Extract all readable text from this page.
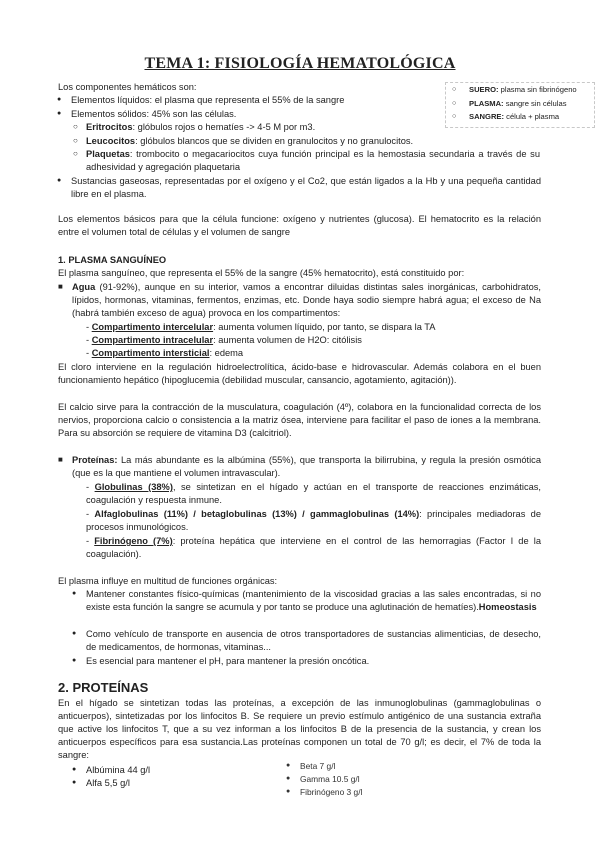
TEMA 1: FISIOLOGÍA HEMATOLÓGICA
○ SUERO: plasma sin fibrinógeno
○ PLASMA: sangre sin células
○ SANGRE: célula + plasma

Los componentes hemáticos son:

● Elementos líquidos: el plasma que representa el 55% de la sangre

● Elementos sólidos: 45% son las células.

○ Eritrocitos: glóbulos rojos o hematíes -> 4-5 M por m3.

○ Leucocitos: glóbulos blancos que se dividen en granulocitos y no granulocitos.

○ Plaquetas: trombocito o megacariocitos cuya función principal es la hemostasia secundaria a través de su adhesividad y agregación plaquetaria

● Sustancias gaseosas, representadas por el oxígeno y el Co2, que están ligados a la Hb y una pequeña cantidad libre en el plasma.

Los elementos básicos para que la célula funcione: oxígeno y nutrientes (glucosa). El hematocrito es la relación entre el volumen total de células y el volumen de sangre

1. PLASMA SANGUÍNEO

El plasma sanguíneo, que representa el 55% de la sangre (45% hematocrito), está constituido por:

■ Agua (91-92%), aunque en su interior, vamos a encontrar diluidas distintas sales inorgánicas, carbohidratos, lípidos, hormonas, vitaminas, fermentos, enzimas, etc. Donde haya sodio siempre habrá agua; el exceso de Na (habrá también exceso de agua) provoca en los compartimentos:

- Compartimento intercelular: aumenta volumen líquido, por tanto, se dispara la TA

- Compartimento intracelular: aumenta volumen de H2O: citólisis

- Compartimento intersticial: edema

El cloro interviene en la regulación hidroelectrolítica, ácido-base e hidrovascular. Además colabora en el buen funcionamiento hepático (hipoglucemia (debilidad muscular, cansancio, agotamiento, agitación)).

El calcio sirve para la contracción de la musculatura, coagulación (4º), colabora en la funcionalidad correcta de los nervios, proporciona calcio o consistencia a la matriz ósea, interviene para facilitar el paso de iones a la membrana. Para su absorción se requiere de vitamina D3 (calcitriol).

■ Proteínas: La más abundante es la albúmina (55%), que transporta la bilirrubina, y regula la presión osmótica (que es la que mantiene el volumen intravascular).

- Globulinas (38%), se sintetizan en el hígado y actúan en el transporte de reacciones enzimáticas, coagulación y respuesta inmune.

- Alfaglobulinas (11%) / betaglobulinas (13%) / gammaglobulinas (14%): principales mediadoras de procesos inmunológicos.

- Fibrinógeno (7%): proteína hepática que interviene en el control de las hemorragias (Factor I de la coagulación).

El plasma influye en multitud de funciones orgánicas:

● Mantener constantes físico-químicas (mantenimiento de la viscosidad gracias a las sales encontradas, si no existe esta función la sangre se acumula y por tanto se produce una aglutinación de hematíes).Homeostasis

● Como vehículo de transporte en ausencia de otros transportadores de sustancias alimenticias, de desecho, de medicamentos, de hormonas, vitaminas...

● Es esencial para mantener el pH, para mantener la presión oncótica.

2. PROTEÍNAS

En el hígado se sintetizan todas las proteínas, a excepción de las inmunoglobulinas (gammaglobulinas o anticuerpos), sintetizadas por los linfocitos B. Se requiere un previo estímulo antigénico de una sustancia extraña que active los linfocitos T, que a su vez informan a los linfocitos B de la presencia de la sustancia, y crean los anticuerpos específicos para esa sustancia.Las proteínas componen un total de 70 g/l; es decir, el 7% de toda la sangre:

● Albúmina 44 g/l

● Alfa 5,5 g/l

● Beta 7 g/l

● Gamma 10.5 g/l

● Fibrinógeno 3 g/l
